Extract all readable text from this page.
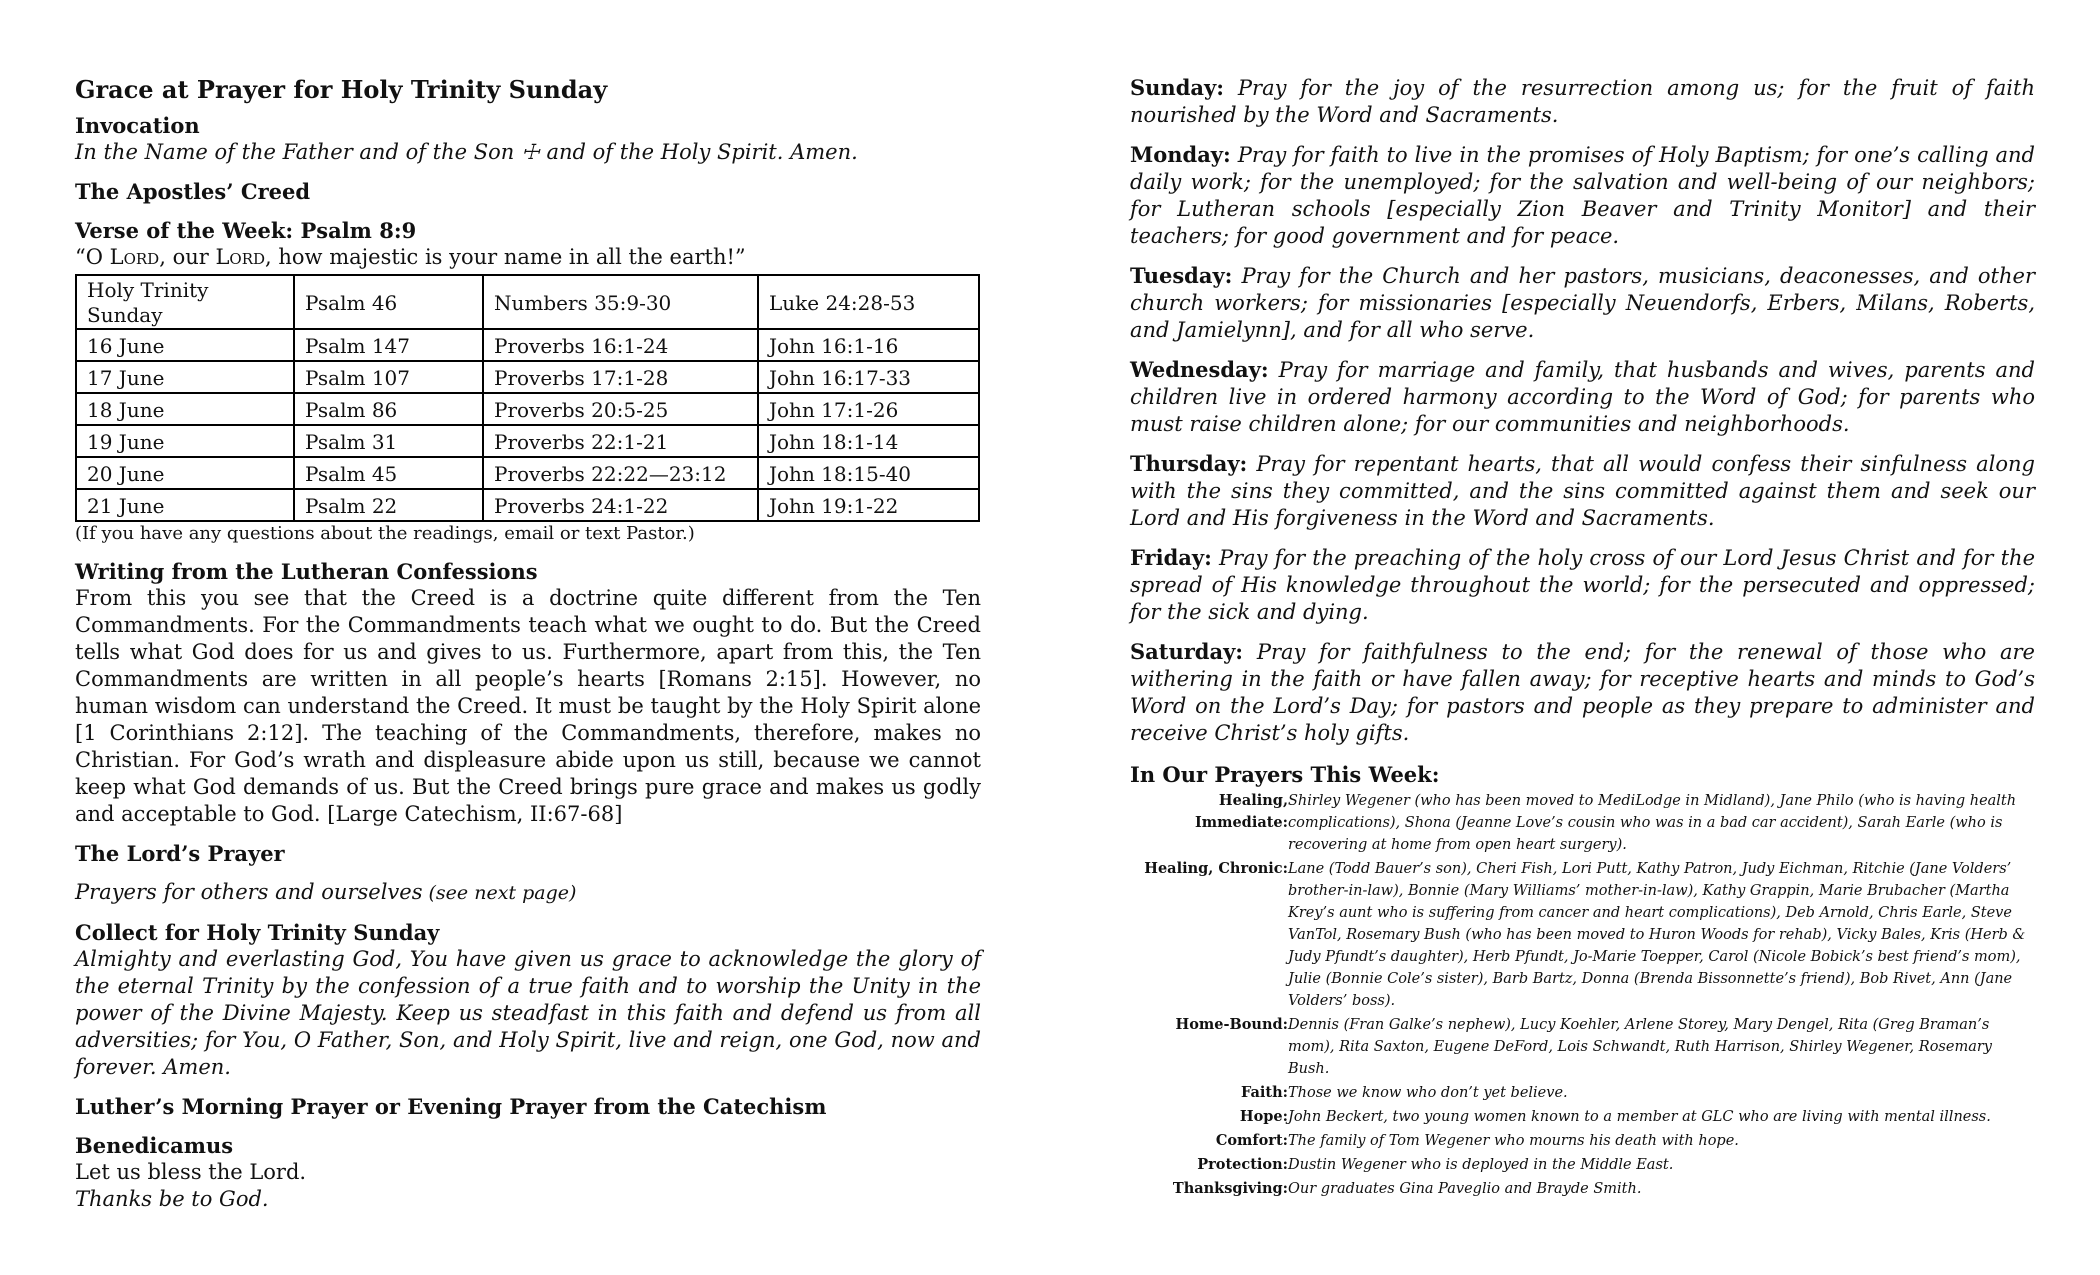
Grace at Prayer for Holy Trinity Sunday
Invocation
In the Name of the Father and of the Son ☩ and of the Holy Spirit. Amen.
The Apostles’ Creed
Verse of the Week: Psalm 8:9
“O Lord, our Lord, how majestic is your name in all the earth!”
Holy Trinity Sunday	Psalm 46	Numbers 35:9-30	Luke 24:28-53
16 June	Psalm 147	Proverbs 16:1-24	John 16:1-16
17 June	Psalm 107	Proverbs 17:1-28	John 16:17-33
18 June	Psalm 86	Proverbs 20:5-25	John 17:1-26
19 June	Psalm 31	Proverbs 22:1-21	John 18:1-14
20 June	Psalm 45	Proverbs 22:22—23:12	John 18:15-40
21 June	Psalm 22	Proverbs 24:1-22	John 19:1-22
(If you have any questions about the readings, email or text Pastor.)
Writing from the Lutheran Confessions
From this you see that the Creed is a doctrine quite different from the Ten Commandments. For the Commandments teach what we ought to do. But the Creed tells what God does for us and gives to us. Furthermore, apart from this, the Ten Commandments are written in all people’s hearts [Romans 2:15]. However, no human wisdom can understand the Creed. It must be taught by the Holy Spirit alone [1 Corinthians 2:12]. The teaching of the Commandments, therefore, makes no Christian. For God’s wrath and displeasure abide upon us still, because we cannot keep what God demands of us. But the Creed brings pure grace and makes us godly and acceptable to God. [Large Catechism, II:67-68]
The Lord’s Prayer
Prayers for others and ourselves (see next page)
Collect for Holy Trinity Sunday
Almighty and everlasting God, You have given us grace to acknowledge the glory of the eternal Trinity by the confession of a true faith and to worship the Unity in the power of the Divine Majesty. Keep us steadfast in this faith and defend us from all adversities; for You, O Father, Son, and Holy Spirit, live and reign, one God, now and forever. Amen.
Luther’s Morning Prayer or Evening Prayer from the Catechism
Benedicamus
Let us bless the Lord.
Thanks be to God.
Sunday: Pray for the joy of the resurrection among us; for the fruit of faith nourished by the Word and Sacraments.
Monday: Pray for faith to live in the promises of Holy Baptism; for one’s calling and daily work; for the unemployed; for the salvation and well-being of our neighbors; for Lutheran schools [especially Zion Beaver and Trinity Monitor] and their teachers; for good government and for peace.
Tuesday: Pray for the Church and her pastors, musicians, deaconesses, and other church workers; for missionaries [especially Neuendorfs, Erbers, Milans, Roberts, and Jamielynn], and for all who serve.
Wednesday: Pray for marriage and family, that husbands and wives, parents and children live in ordered harmony according to the Word of God; for parents who must raise children alone; for our communities and neighborhoods.
Thursday: Pray for repentant hearts, that all would confess their sinfulness along with the sins they committed, and the sins committed against them and seek our Lord and His forgiveness in the Word and Sacraments.
Friday: Pray for the preaching of the holy cross of our Lord Jesus Christ and for the spread of His knowledge throughout the world; for the persecuted and oppressed; for the sick and dying.
Saturday: Pray for faithfulness to the end; for the renewal of those who are withering in the faith or have fallen away; for receptive hearts and minds to God’s Word on the Lord’s Day; for pastors and people as they prepare to administer and receive Christ’s holy gifts.
In Our Prayers This Week:
Healing, Immediate:
Shirley Wegener (who has been moved to MediLodge in Midland), Jane Philo (who is having health complications), Shona (Jeanne Love’s cousin who was in a bad car accident), Sarah Earle (who is recovering at home from open heart surgery).
Healing, Chronic: Lane (Todd Bauer’s son), Cheri Fish, Lori Putt, Kathy Patron, Judy Eichman, Ritchie (Jane Volders’ brother-in-law), Bonnie (Mary Williams’ mother-in-law), Kathy Grappin, Marie Brubacher (Martha Krey’s aunt who is suffering from cancer and heart complications), Deb Arnold, Chris Earle, Steve VanTol, Rosemary Bush (who has been moved to Huron Woods for rehab), Vicky Bales, Kris (Herb & Judy Pfundt’s daughter), Herb Pfundt, Jo-Marie Toepper, Carol (Nicole Bobick’s best friend’s mom), Julie (Bonnie Cole’s sister), Barb Bartz, Donna (Brenda Bissonnette’s friend), Bob Rivet, Ann (Jane Volders’ boss).
Home-Bound: Dennis (Fran Galke’s nephew), Lucy Koehler, Arlene Storey, Mary Dengel, Rita (Greg Braman’s mom), Rita Saxton, Eugene DeFord, Lois Schwandt, Ruth Harrison, Shirley Wegener, Rosemary Bush.
Faith: Those we know who don’t yet believe.
Hope: John Beckert, two young women known to a member at GLC who are living with mental illness.
Comfort: The family of Tom Wegener who mourns his death with hope.
Protection: Dustin Wegener who is deployed in the Middle East.
Thanksgiving: Our graduates Gina Paveglio and Brayde Smith.
